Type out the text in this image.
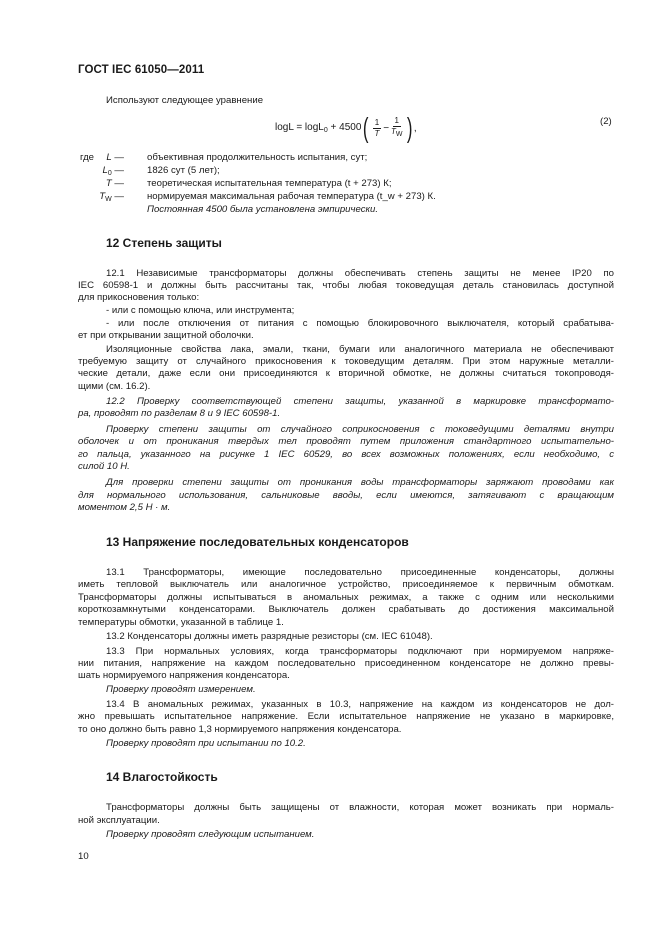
ГОСТ IEC 61050—2011
Используют следующее уравнение
logL = logL$_0$ + 4500 ( $\frac{1}{T} - \frac{1}{TW}$ ) ,
(2)
где	L — объективная продолжительность испытания, сут;
$L_0$ — 1826 сут (5 лет);
T — теоретическая испытательная температура (t + 273) К;
$T_W$ — нормируемая максимальная рабочая температура (t_w + 273) К.
Постоянная 4500 была установлена эмпирически.
12 Степень защиты
12.1 Независимые трансформаторы должны обеспечивать степень защиты не менее IP20 по
IEC 60598-1 и должны быть рассчитаны так, чтобы любая токоведущая деталь становилась доступной
для прикосновения только:
- или с помощью ключа, или инструмента;
- или после отключения от питания с помощью блокировочного выключателя, который срабатыва-
ет при открывании защитной оболочки.
Изоляционные свойства лака, эмали, ткани, бумаги или аналогичного материала не обеспечивают
требуемую защиту от случайного прикосновения к токоведущим деталям. При этом наружные металли-
ческие детали, даже если они присоединяются к вторичной обмотке, не должны считаться токопроводя-
щими (см. 16.2).
12.2 Проверку соответствующей степени защиты, указанной в маркировке трансформато-
ра, проводят по разделам 8 и 9 IEC 60598-1.
Проверку степени защиты от случайного соприкосновения с токоведущими деталями внутри
оболочек и от проникания твердых тел проводят путем приложения стандартного испытательно-
го пальца, указанного на рисунке 1 IEC 60529, во всех возможных положениях, если необходимо, с
силой 10 Н.
Для проверки степени защиты от проникания воды трансформаторы заряжают проводами как
для нормального использования, сальниковые вводы, если имеются, затягивают с вращающим
моментом 2,5 Н · м.
13 Напряжение последовательных конденсаторов
13.1 Трансформаторы, имеющие последовательно присоединенные конденсаторы, должны
иметь тепловой выключатель или аналогичное устройство, присоединяемое к первичным обмоткам.
Трансформаторы должны испытываться в аномальных режимах, а также с одним или несколькими
короткозамкнутыми конденсаторами. Выключатель должен срабатывать до достижения максимальной
температуры обмотки, указанной в таблице 1.
13.2 Конденсаторы должны иметь разрядные резисторы (см. IEC 61048).
13.3 При нормальных условиях, когда трансформаторы подключают при нормируемом напряже-
нии питания, напряжение на каждом последовательно присоединенном конденсаторе не должно превы-
шать нормируемого напряжения конденсатора.
Проверку проводят измерением.
13.4 В аномальных режимах, указанных в 10.3, напряжение на каждом из конденсаторов не дол-
жно превышать испытательное напряжение. Если испытательное напряжение не указано в маркировке,
то оно должно быть равно 1,3 нормируемого напряжения конденсатора.
Проверку проводят при испытании по 10.2.
14 Влагостойкость
Трансформаторы должны быть защищены от влажности, которая может возникать при нормаль-
ной эксплуатации.
Проверку проводят следующим испытанием.
10
